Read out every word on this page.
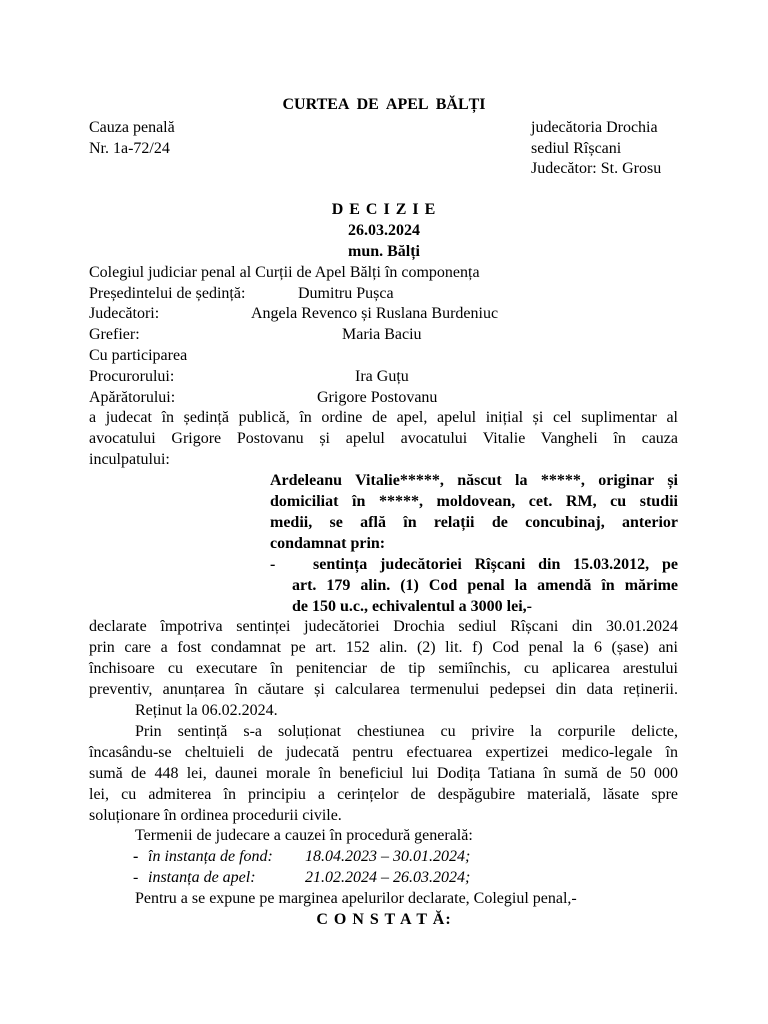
CURTEA DE APEL BĂLȚI
Cauza penală
Nr. 1a-72/24
judecătoria Drochia
sediul Rîșcani
Judecător: St. Grosu
D E C I Z I E
26.03.2024
mun. Bălți
Colegiul judiciar penal al Curții de Apel Bălți în componența
Președintelui de ședință:	Dumitru Pușca
Judecători:	Angela Revenco și Ruslana Burdeniuc
Grefier:	Maria Baciu
Cu participarea
Procurorului:	Ira Guțu
Apărătorului:	Grigore Postovanu
a judecat în ședință publică, în ordine de apel, apelul inițial și cel suplimentar al
avocatului Grigore Postovanu și apelul avocatului Vitalie Vangheli în cauza
inculpatului:
Ardeleanu Vitalie*****, născut la *****, originar și
domiciliat în *****, moldovean, cet. RM, cu studii
medii, se află în relații de concubinaj, anterior
condamnat prin:
- sentința judecătoriei Rîșcani din 15.03.2012, pe
art. 179 alin. (1) Cod penal la amendă în mărime
de 150 u.c., echivalentul a 3000 lei,-
declarate împotriva sentinței judecătoriei Drochia sediul Rîșcani din 30.01.2024
prin care a fost condamnat pe art. 152 alin. (2) lit. f) Cod penal la 6 (șase) ani
închisoare cu executare în penitenciar de tip semiînchis, cu aplicarea arestului
preventiv, anunțarea în căutare și calcularea termenului pedepsei din data reținerii.
Reținut la 06.02.2024.
Prin sentință s-a soluționat chestiunea cu privire la corpurile delicte,
încasându-se cheltuieli de judecată pentru efectuarea expertizei medico-legale în
sumă de 448 lei, daunei morale în beneficiul lui Dodița Tatiana în sumă de 50 000
lei, cu admiterea în principiu a cerințelor de despăgubire materială, lăsate spre
soluționare în ordinea procedurii civile.
Termenii de judecare a cauzei în procedură generală:
- în instanța de fond: 18.04.2023 – 30.01.2024;
- instanța de apel:	21.02.2024 – 26.03.2024;
Pentru a se expune pe marginea apelurilor declarate, Colegiul penal,-
C O N S T A T Ă:
